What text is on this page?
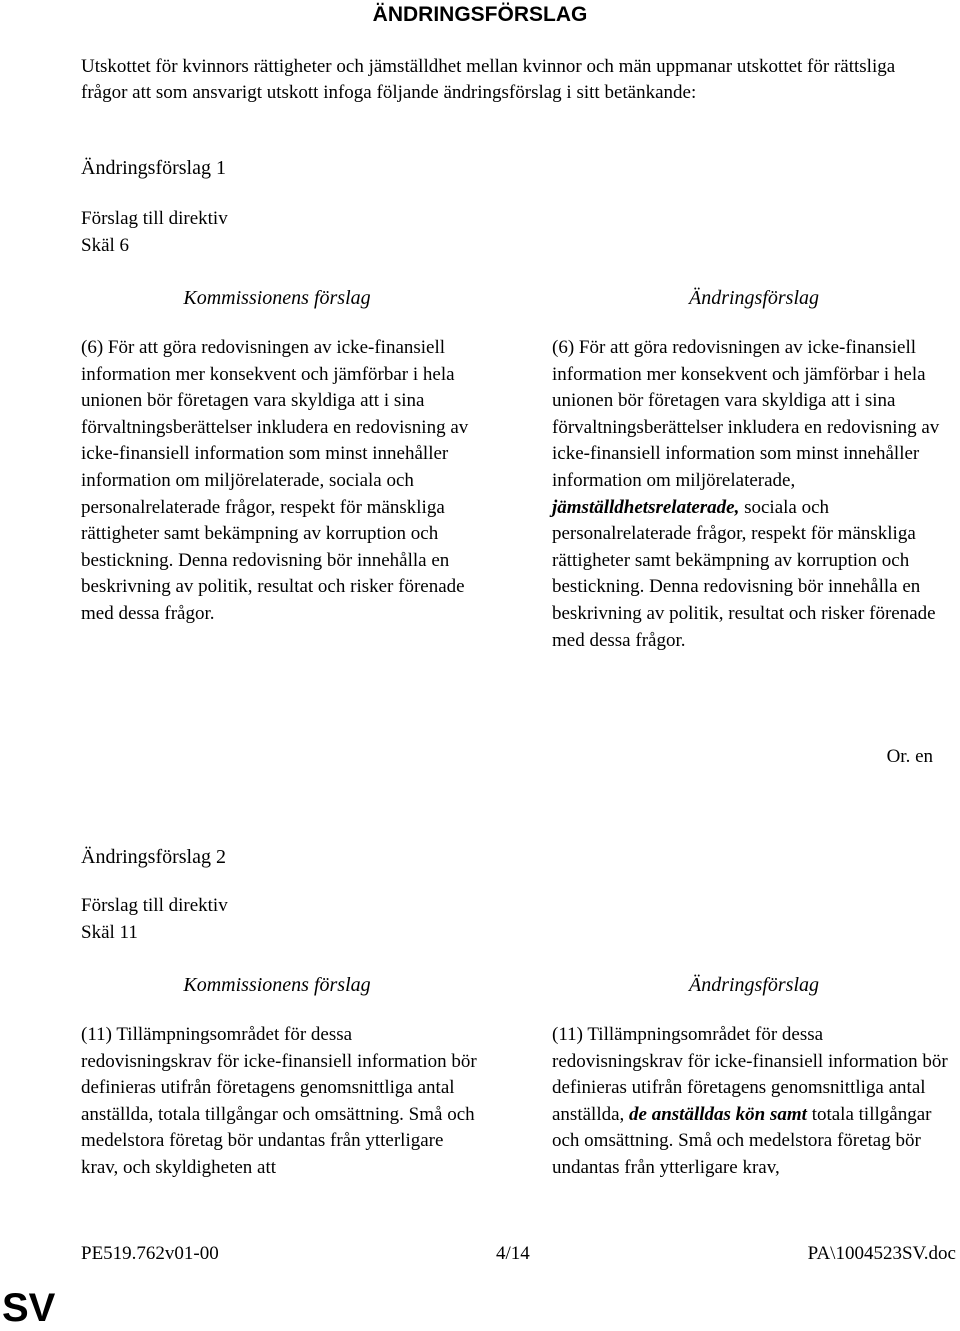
ÄNDRINGSFÖRSLAG
Utskottet för kvinnors rättigheter och jämställdhet mellan kvinnor och män uppmanar utskottet för rättsliga frågor att som ansvarigt utskott infoga följande ändringsförslag i sitt betänkande:
Ändringsförslag 1
Förslag till direktiv
Skäl 6
Kommissionens förslag	Ändringsförslag
(6) För att göra redovisningen av icke-finansiell information mer konsekvent och jämförbar i hela unionen bör företagen vara skyldiga att i sina förvaltningsberättelser inkludera en redovisning av icke-finansiell information som minst innehåller information om miljörelaterade, sociala och personalrelaterade frågor, respekt för mänskliga rättigheter samt bekämpning av korruption och bestickning. Denna redovisning bör innehålla en beskrivning av politik, resultat och risker förenade med dessa frågor.
(6) För att göra redovisningen av icke-finansiell information mer konsekvent och jämförbar i hela unionen bör företagen vara skyldiga att i sina förvaltningsberättelser inkludera en redovisning av icke-finansiell information som minst innehåller information om miljörelaterade, jämställdhetsrelaterade, sociala och personalrelaterade frågor, respekt för mänskliga rättigheter samt bekämpning av korruption och bestickning. Denna redovisning bör innehålla en beskrivning av politik, resultat och risker förenade med dessa frågor.
Or. en
Ändringsförslag 2
Förslag till direktiv
Skäl 11
Kommissionens förslag	Ändringsförslag
(11) Tillämpningsområdet för dessa redovisningskrav för icke-finansiell information bör definieras utifrån företagens genomsnittliga antal anställda, totala tillgångar och omsättning. Små och medelstora företag bör undantas från ytterligare krav, och skyldigheten att
(11) Tillämpningsområdet för dessa redovisningskrav för icke-finansiell information bör definieras utifrån företagens genomsnittliga antal anställda, de anställdas kön samt totala tillgångar och omsättning. Små och medelstora företag bör undantas från ytterligare krav,
PE519.762v01-00	4/14	PA\1004523SV.doc
SV
